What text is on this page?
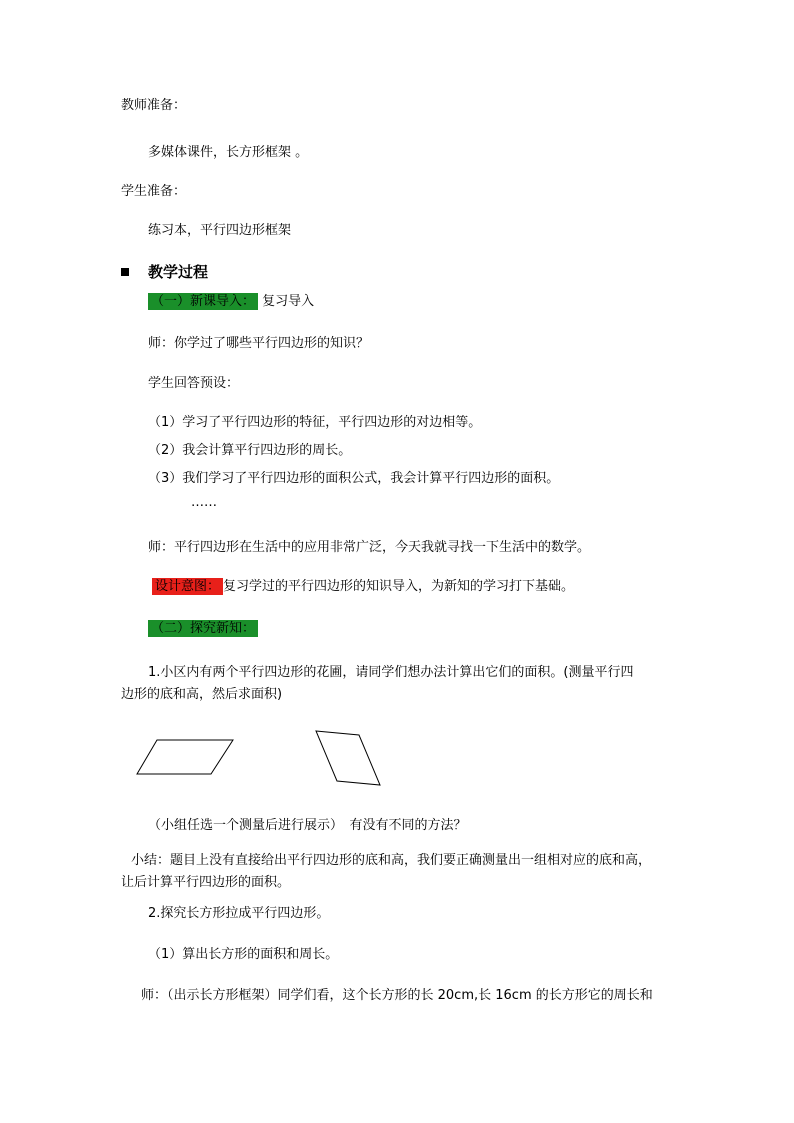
教师准备：
多媒体课件，长方形框架 。
学生准备：
练习本，平行四边形框架
教学过程
（一）新课导入： 复习导入
师：你学过了哪些平行四边形的知识？
学生回答预设：
（1）学习了平行四边形的特征，平行四边形的对边相等。
（2）我会计算平行四边形的周长。
（3）我们学习了平行四边形的面积公式，我会计算平行四边形的面积。
……
师：平行四边形在生活中的应用非常广泛，今天我就寻找一下生活中的数学。
设计意图： 复习学过的平行四边形的知识导入，为新知的学习打下基础。
（二）探究新知：
1.小区内有两个平行四边形的花圃，请同学们想办法计算出它们的面积。(测量平行四
边形的底和高，然后求面积)
（小组任选一个测量后进行展示）　有没有不同的方法？
小结：题目上没有直接给出平行四边形的底和高，我们要正确测量出一组相对应的底和高，
让后计算平行四边形的面积。
2.探究长方形拉成平行四边形。
（1）算出长方形的面积和周长。
师：（出示长方形框架）同学们看，这个长方形的长 20cm,长 16cm 的长方形它的周长和
